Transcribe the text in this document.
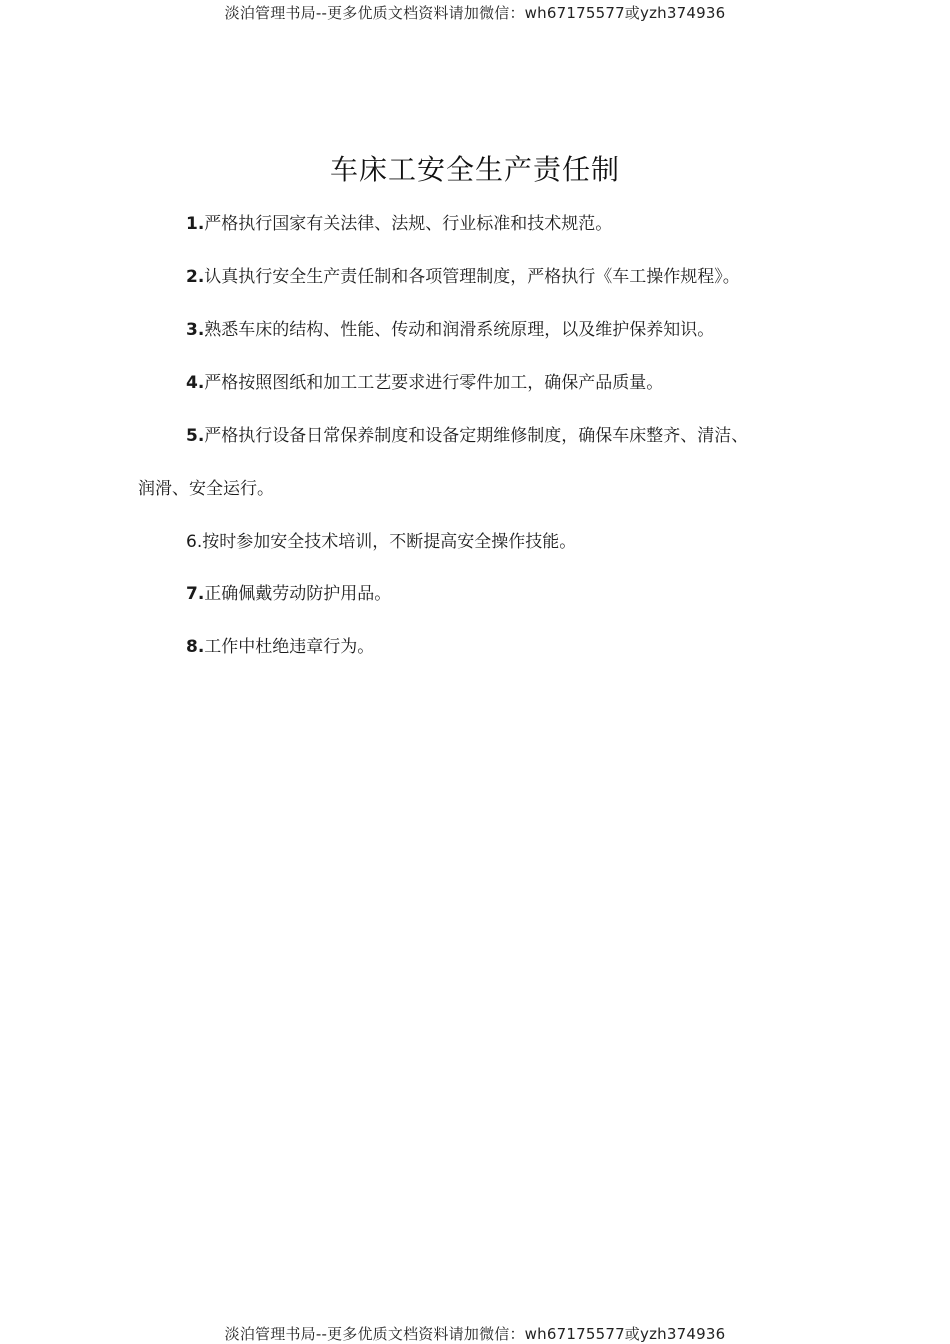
淡泊管理书局--更多优质文档资料请加微信：wh67175577或yzh374936
车床工安全生产责任制

1.严格执行国家有关法律、法规、行业标准和技术规范。

2.认真执行安全生产责任制和各项管理制度，严格执行《车工操作规程》。

3.熟悉车床的结构、性能、传动和润滑系统原理，以及维护保养知识。

4.严格按照图纸和加工工艺要求进行零件加工，确保产品质量。

5.严格执行设备日常保养制度和设备定期维修制度，确保车床整齐、清洁、

润滑、安全运行。

6.按时参加安全技术培训，不断提高安全操作技能。

7.正确佩戴劳动防护用品。

8.工作中杜绝违章行为。

淡泊管理书局--更多优质文档资料请加微信：wh67175577或yzh374936
